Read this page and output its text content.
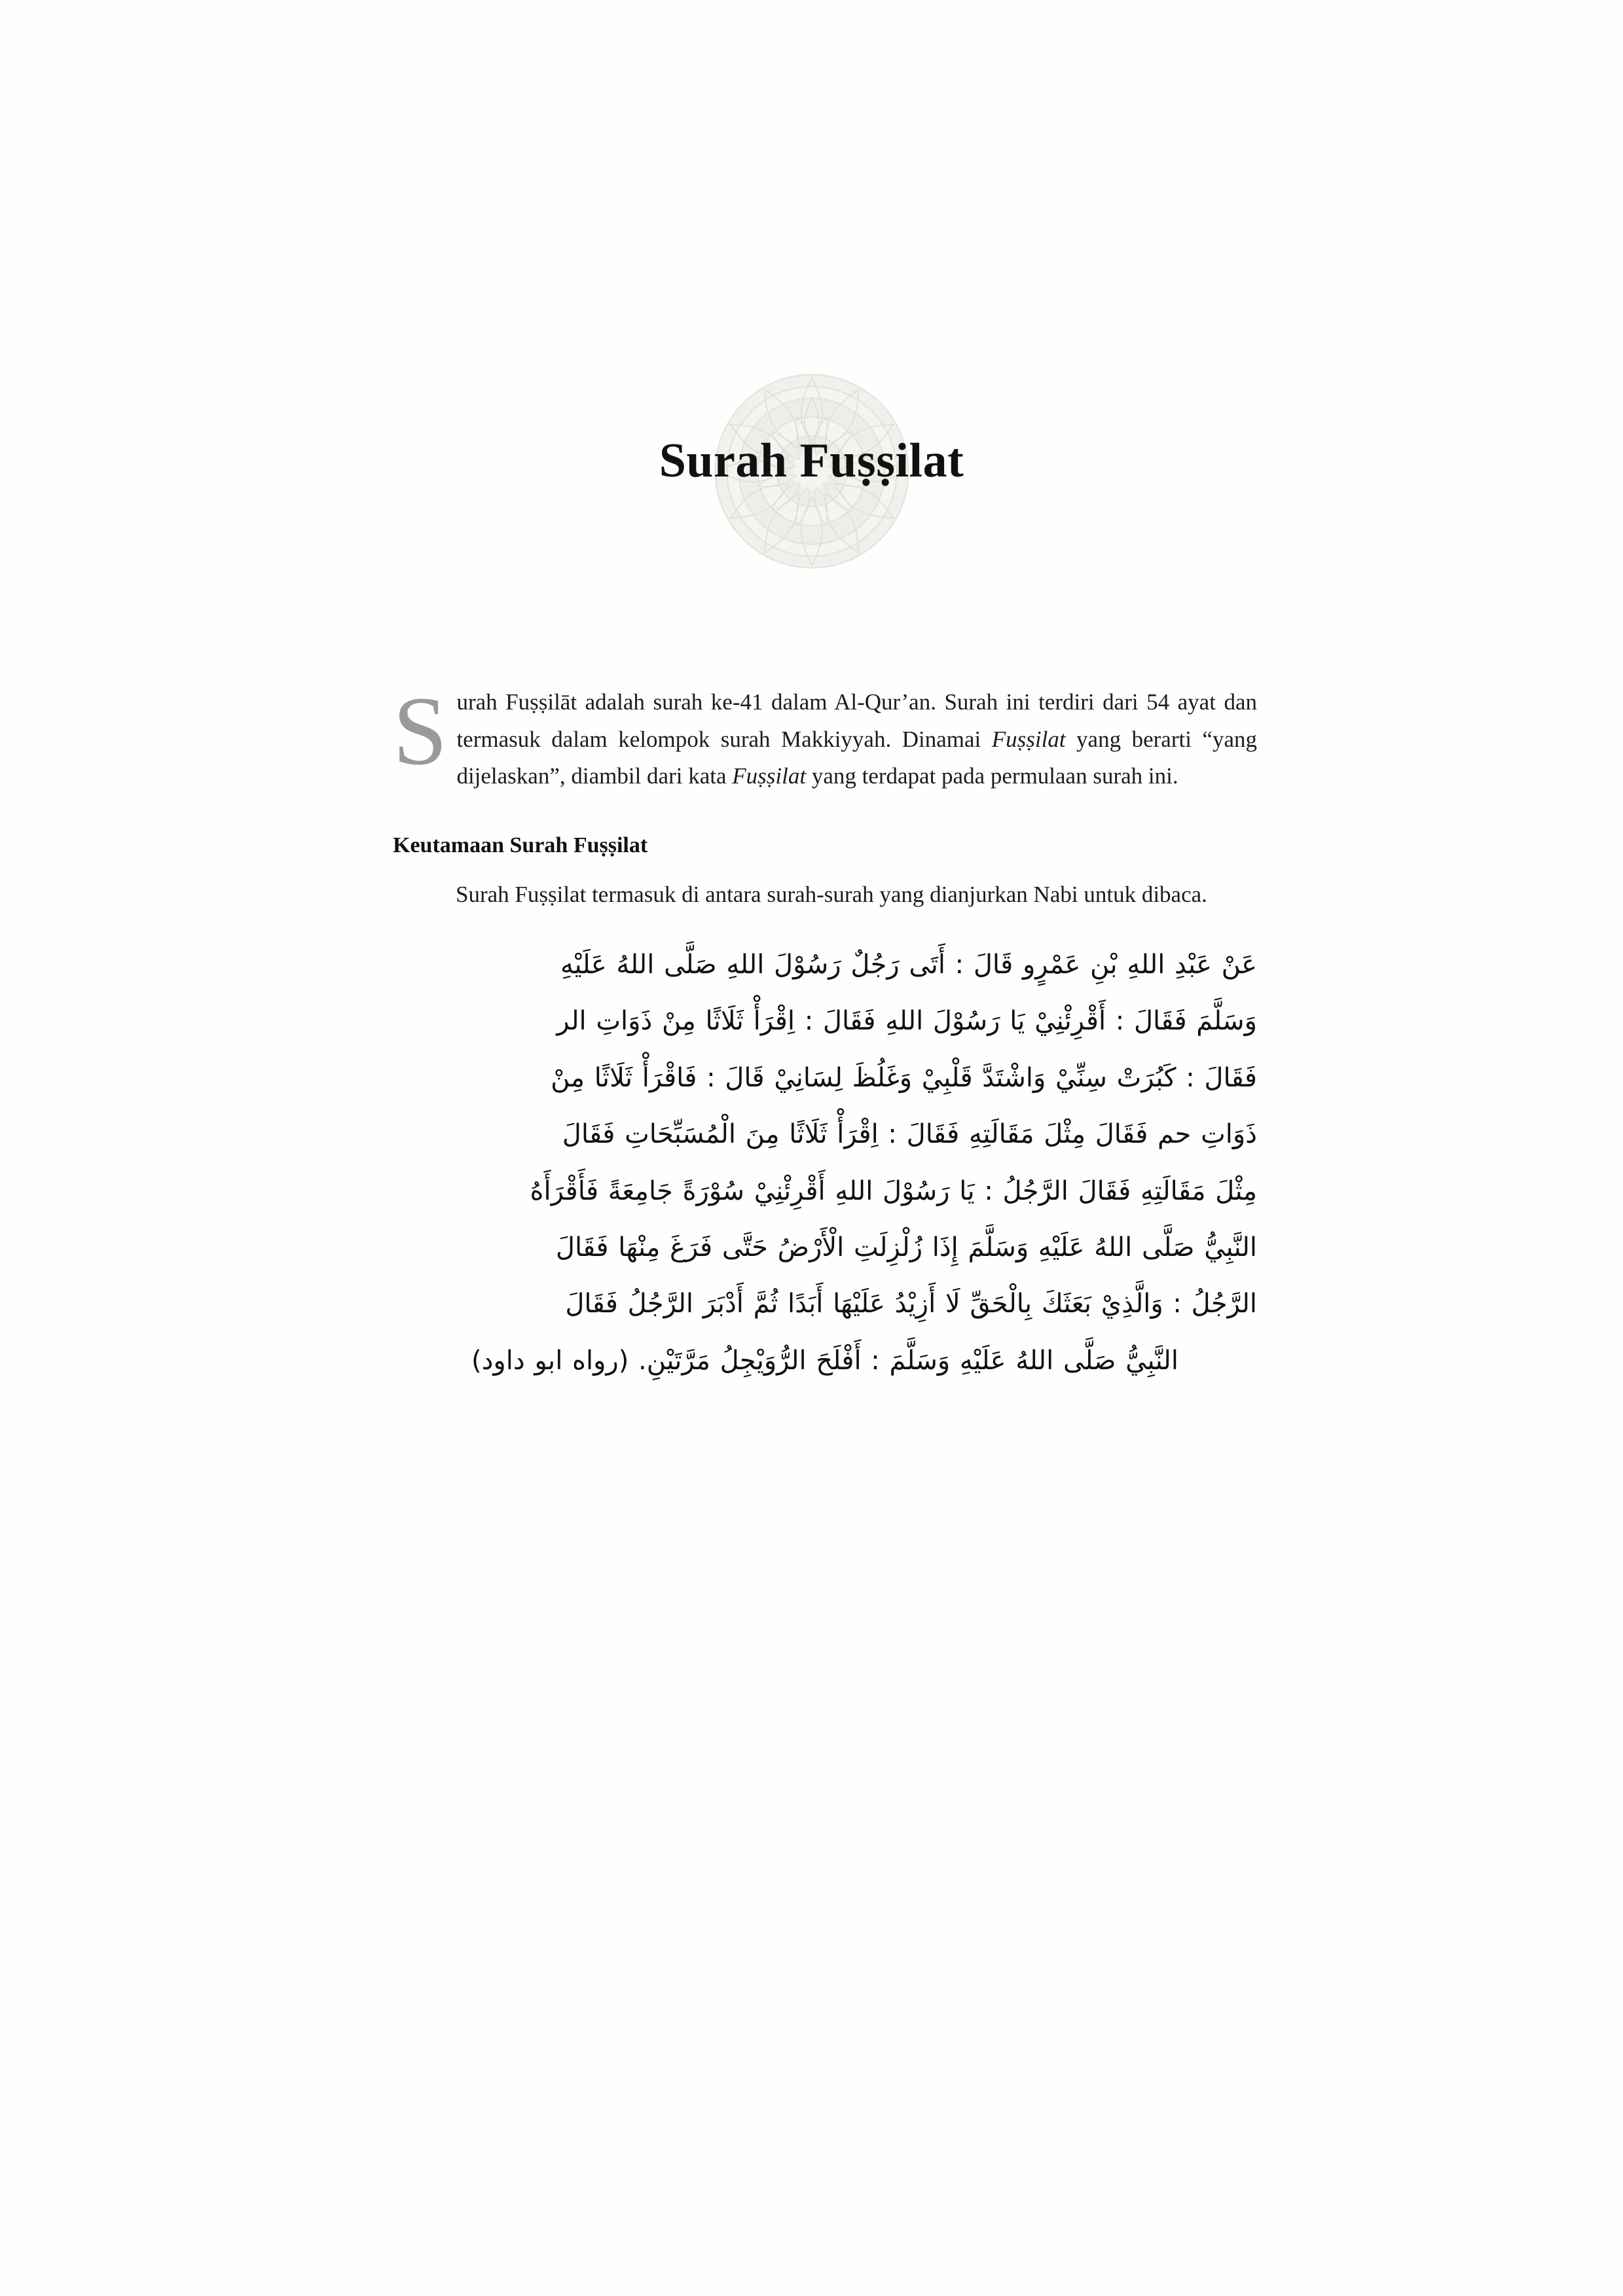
Surah Fuṣṣilat

Surah Fuṣṣilāt adalah surah ke-41 dalam Al-Qur’an. Surah ini terdiri dari 54 ayat dan termasuk dalam kelompok surah Makkiyyah. Dinamai Fuṣṣilat yang berarti “yang dijelaskan”, diambil dari kata Fuṣṣilat yang terdapat pada permulaan surah ini.

Keutamaan Surah Fuṣṣilat

Surah Fuṣṣilat termasuk di antara surah-surah yang dianjurkan Nabi untuk dibaca.

عَنْ عَبْدِ اللهِ بْنِ عَمْرٍو قَالَ : أَتَى رَجُلٌ رَسُوْلَ اللهِ صَلَّى اللهُ عَلَيْهِ
وَسَلَّمَ فَقَالَ : أَقْرِئْنِيْ يَا رَسُوْلَ اللهِ فَقَالَ : اِقْرَأْ ثَلَاثًا مِنْ ذَوَاتِ الر
فَقَالَ : كَبُرَتْ سِنِّيْ وَاشْتَدَّ قَلْبِيْ وَغَلُظَ لِسَانِيْ قَالَ : فَاقْرَأْ ثَلَاثًا مِنْ
ذَوَاتِ حم فَقَالَ مِثْلَ مَقَالَتِهِ فَقَالَ : اِقْرَأْ ثَلَاثًا مِنَ الْمُسَبِّحَاتِ فَقَالَ
مِثْلَ مَقَالَتِهِ فَقَالَ الرَّجُلُ : يَا رَسُوْلَ اللهِ أَقْرِئْنِيْ سُوْرَةً جَامِعَةً فَأَقْرَأَهُ
النَّبِيُّ صَلَّى اللهُ عَلَيْهِ وَسَلَّمَ إِذَا زُلْزِلَتِ الْأَرْضُ حَتَّى فَرَغَ مِنْهَا فَقَالَ
الرَّجُلُ : وَالَّذِيْ بَعَثَكَ بِالْحَقِّ لَا أَزِيْدُ عَلَيْهَا أَبَدًا ثُمَّ أَدْبَرَ الرَّجُلُ فَقَالَ
النَّبِيُّ صَلَّى اللهُ عَلَيْهِ وَسَلَّمَ : أَفْلَحَ الرُّوَيْجِلُ مَرَّتَيْنِ. (رواه ابو داود)
